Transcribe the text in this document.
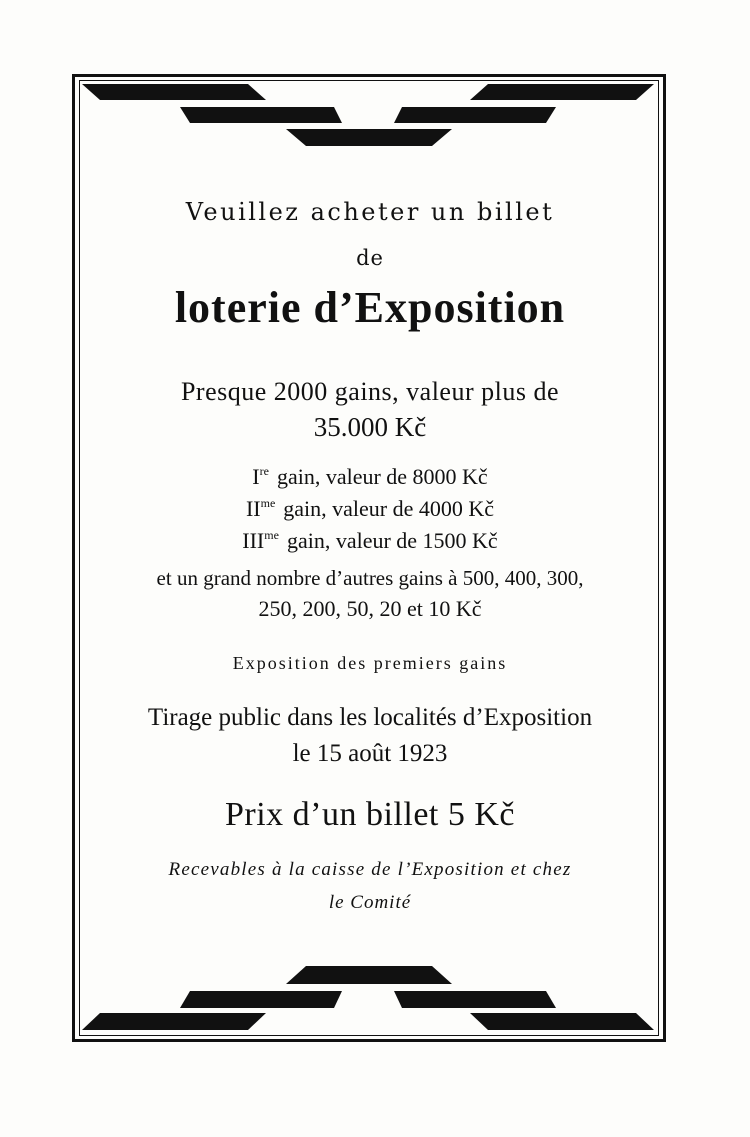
Veuillez acheter un billet
de
loterie d’Exposition
Presque 2000 gains, valeur plus de
35.000 Kč
Ire gain, valeur de 8000 Kč
$II^{me}$ gain, valeur de 4000 Kč
$III^{me}$ gain, valeur de 1500 Kč
et un grand nombre d’autres gains à 500, 400, 300,
250, 200, 50, 20 et 10 Kč
Exposition des premiers gains
Tirage public dans les localités d’Exposition
le 15 août 1923
Prix d’un billet 5 Kč
Recevables à la caisse de l’Exposition et chez
le Comité
